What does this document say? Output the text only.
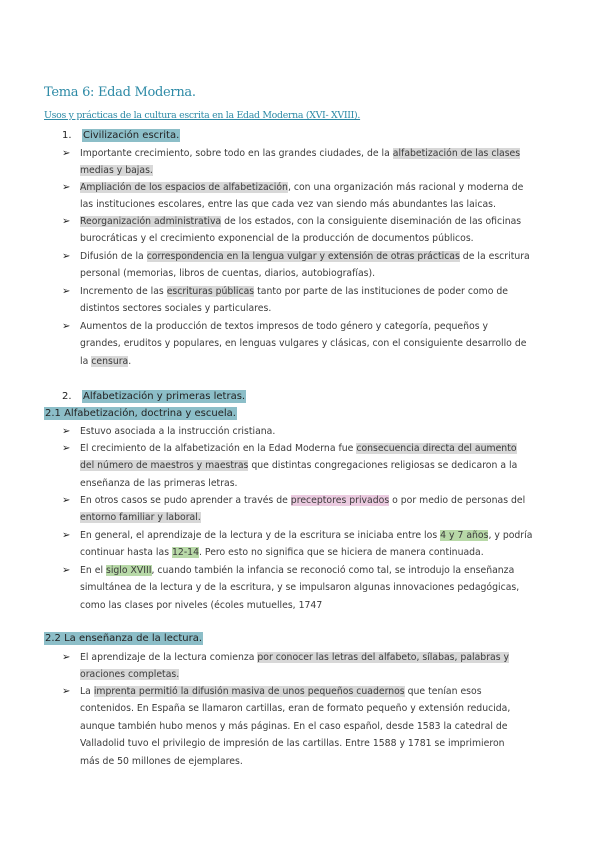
Tema 6: Edad Moderna.
Usos y prácticas de la cultura escrita en la Edad Moderna (XVI- XVIII).
1. Civilización escrita.
➢ Importante crecimiento, sobre todo en las grandes ciudades, de la alfabetización de las clases
medias y bajas.
➢ Ampliación de los espacios de alfabetización, con una organización más racional y moderna de
las instituciones escolares, entre las que cada vez van siendo más abundantes las laicas.
➢ Reorganización administrativa de los estados, con la consiguiente diseminación de las oficinas
burocráticas y el crecimiento exponencial de la producción de documentos públicos.
➢ Difusión de la correspondencia en la lengua vulgar y extensión de otras prácticas de la escritura
personal (memorias, libros de cuentas, diarios, autobiografías).
➢ Incremento de las escrituras públicas tanto por parte de las instituciones de poder como de
distintos sectores sociales y particulares.
➢ Aumentos de la producción de textos impresos de todo género y categoría, pequeños y
grandes, eruditos y populares, en lenguas vulgares y clásicas, con el consiguiente desarrollo de
la censura.
2. Alfabetización y primeras letras.
2.1 Alfabetización, doctrina y escuela.
➢ Estuvo asociada a la instrucción cristiana.
➢ El crecimiento de la alfabetización en la Edad Moderna fue consecuencia directa del aumento
del número de maestros y maestras que distintas congregaciones religiosas se dedicaron a la
enseñanza de las primeras letras.
➢ En otros casos se pudo aprender a través de preceptores privados o por medio de personas del
entorno familiar y laboral.
➢ En general, el aprendizaje de la lectura y de la escritura se iniciaba entre los 4 y 7 años, y podría
continuar hasta las 12-14. Pero esto no significa que se hiciera de manera continuada.
➢ En el siglo XVIII, cuando también la infancia se reconoció como tal, se introdujo la enseñanza
simultánea de la lectura y de la escritura, y se impulsaron algunas innovaciones pedagógicas,
como las clases por niveles (écoles mutuelles, 1747
2.2 La enseñanza de la lectura.
➢ El aprendizaje de la lectura comienza por conocer las letras del alfabeto, sílabas, palabras y
oraciones completas.
➢ La imprenta permitió la difusión masiva de unos pequeños cuadernos que tenían esos
contenidos. En España se llamaron cartillas, eran de formato pequeño y extensión reducida,
aunque también hubo menos y más páginas. En el caso español, desde 1583 la catedral de
Valladolid tuvo el privilegio de impresión de las cartillas. Entre 1588 y 1781 se imprimieron
más de 50 millones de ejemplares.
